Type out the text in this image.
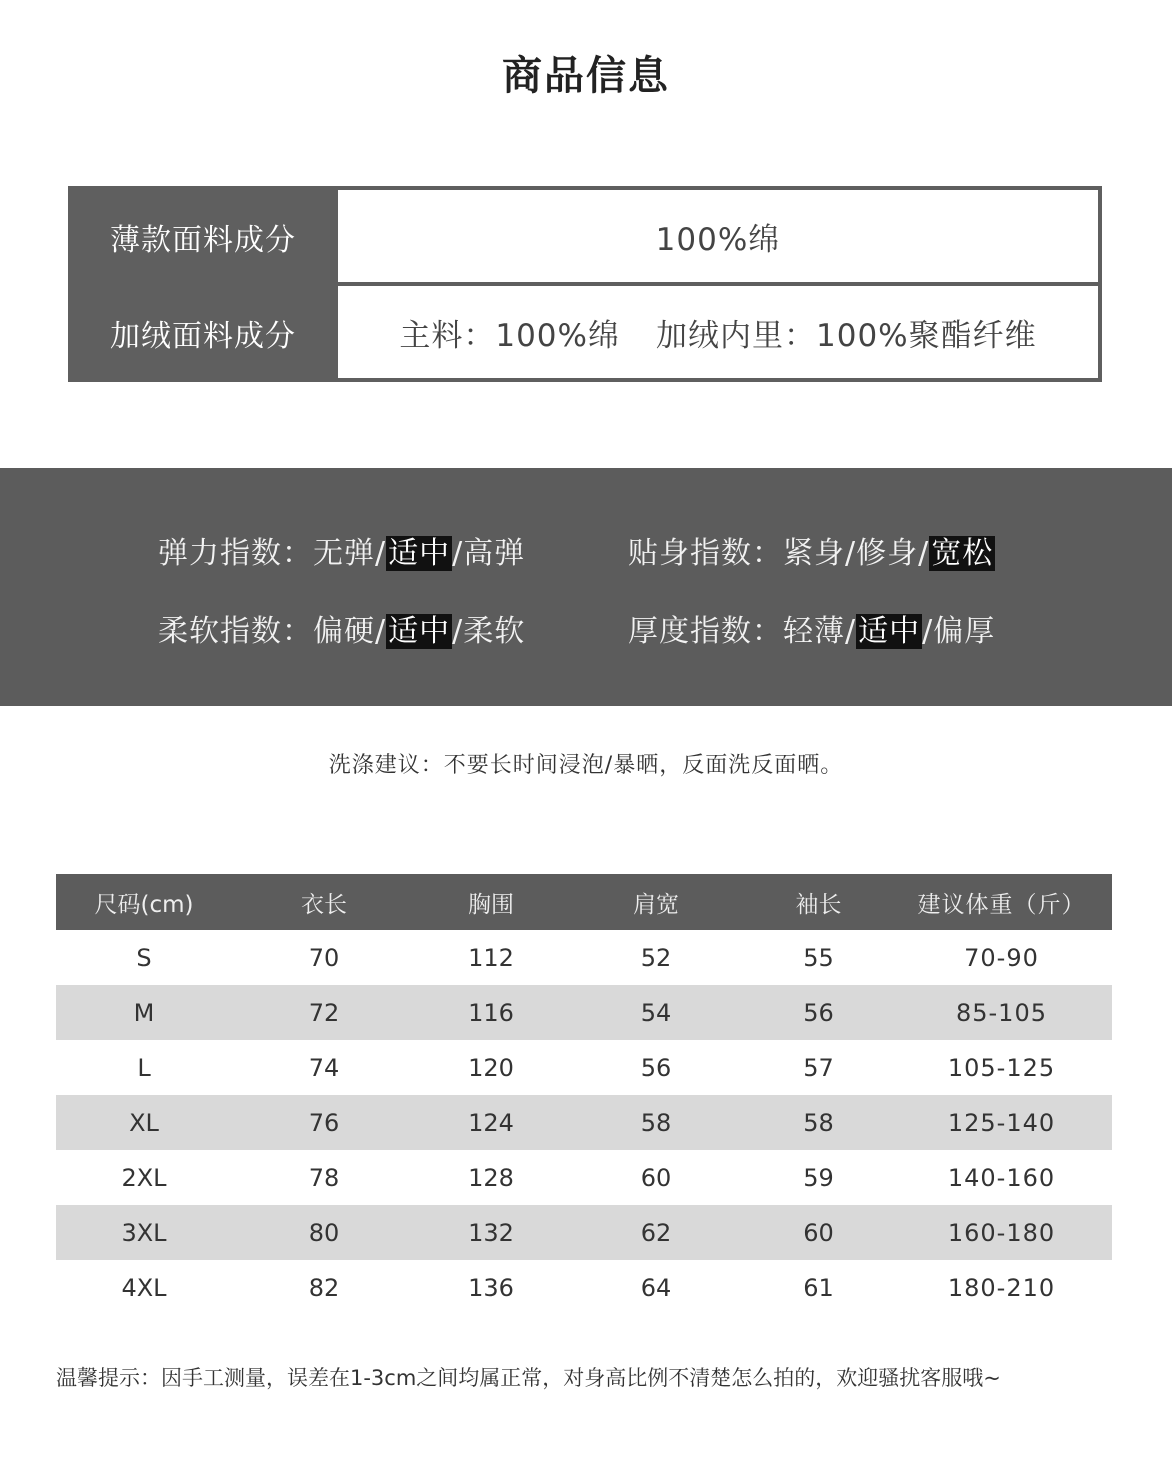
商品信息
薄款面料成分	100%绵
加绒面料成分	主料：100%绵 加绒内里：100%聚酯纤维
弹力指数：无弹/适中/高弹	贴身指数：紧身/修身/宽松
柔软指数：偏硬/适中/柔软	厚度指数：轻薄/适中/偏厚
洗涤建议：不要长时间浸泡/暴晒，反面洗反面晒。
尺码(cm)	衣长	胸围	肩宽	袖长	建议体重（斤）
S	70	112	52	55	70-90
M	72	116	54	56	85-105
L	74	120	56	57	105-125
XL	76	124	58	58	125-140
2XL	78	128	60	59	140-160
3XL	80	132	62	60	160-180
4XL	82	136	64	61	180-210
温馨提示：因手工测量，误差在1-3cm之间均属正常，对身高比例不清楚怎么拍的，欢迎骚扰客服哦~
